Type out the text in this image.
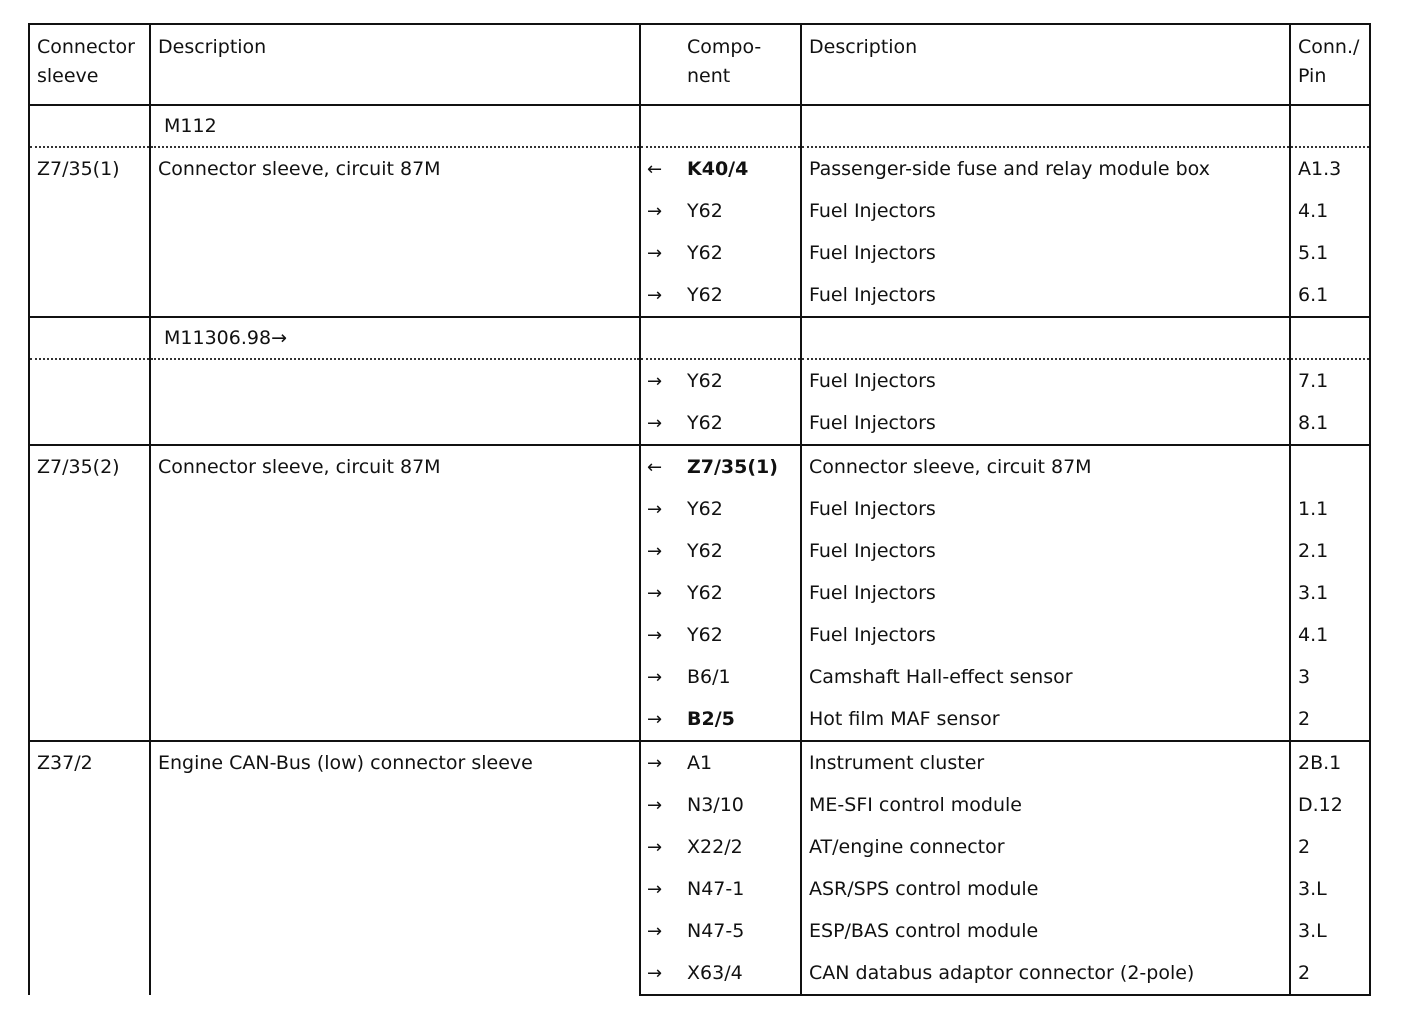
Connector sleeve	Description	Compo-nent	Description	Conn./ Pin
	M112			
Z7/35(1)	Connector sleeve, circuit 87M	← K40/4	Passenger-side fuse and relay module box	A1.3
		→ Y62	Fuel Injectors	4.1
		→ Y62	Fuel Injectors	5.1
		→ Y62	Fuel Injectors	6.1
	M11306.98→			
		→ Y62	Fuel Injectors	7.1
		→ Y62	Fuel Injectors	8.1
Z7/35(2)	Connector sleeve, circuit 87M	← Z7/35(1)	Connector sleeve, circuit 87M	
		→ Y62	Fuel Injectors	1.1
		→ Y62	Fuel Injectors	2.1
		→ Y62	Fuel Injectors	3.1
		→ Y62	Fuel Injectors	4.1
		→ B6/1	Camshaft Hall-effect sensor	3
		→ B2/5	Hot film MAF sensor	2
Z37/2	Engine CAN-Bus (low) connector sleeve	→ A1	Instrument cluster	2B.1
		→ N3/10	ME-SFI control module	D.12
		→ X22/2	AT/engine connector	2
		→ N47-1	ASR/SPS control module	3.L
		→ N47-5	ESP/BAS control module	3.L
		→ X63/4	CAN databus adaptor connector (2-pole)	2
